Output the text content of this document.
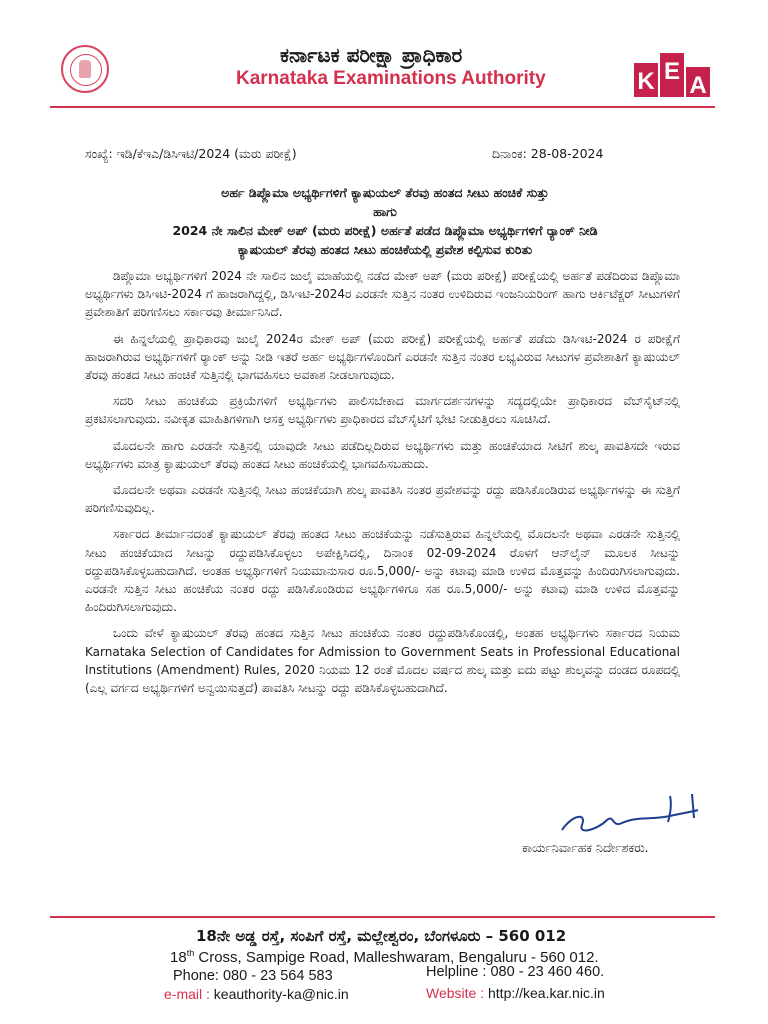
ಕರ್ನಾಟಕ ಪರೀಕ್ಷಾ ಪ್ರಾಧಿಕಾರ
Karnataka Examinations Authority	K E
A
ಸಂಖ್ಯೆ: ಇಡಿ/ಕೆಇಎ/ಡಿಸಿಇಟಿ/2024 (ಮರು ಪರೀಕ್ಷೆ)	ದಿನಾಂಕ: 28-08-2024
ಅರ್ಹ ಡಿಪ್ಲೊಮಾ ಅಭ್ಯರ್ಥಿಗಳಿಗೆ ಕ್ಯಾಷುಯಲ್ ತೆರವು ಹಂತದ ಸೀಟು ಹಂಚಿಕೆ ಸುತ್ತು
ಹಾಗು
2024 ನೇ ಸಾಲಿನ ಮೇಕ್ ಅಪ್ (ಮರು ಪರೀಕ್ಷೆ) ಅರ್ಹತೆ ಪಡೆದ ಡಿಪ್ಲೊಮಾ ಅಭ್ಯರ್ಥಿಗಳಿಗೆ ರ್‍ಯಾಂಕ್ ನೀಡಿ
ಕ್ಯಾಷುಯಲ್ ತೆರವು ಹಂತದ ಸೀಟು ಹಂಚಿಕೆಯಲ್ಲಿ ಪ್ರವೇಶ ಕಲ್ಪಿಸುವ ಕುರಿತು

ಡಿಪ್ಲೊಮಾ ಅಭ್ಯರ್ಥಿಗಳಿಗೆ 2024 ನೇ ಸಾಲಿನ ಜುಲೈ ಮಾಹೆಯಲ್ಲಿ ನಡೆದ ಮೇಕ್ ಅಪ್ (ಮರು ಪರೀಕ್ಷೆ) ಪರೀಕ್ಷೆಯಲ್ಲಿ ಅರ್ಹತೆ ಪಡೆದಿರುವ ಡಿಪ್ಲೊಮಾ ಅಭ್ಯರ್ಥಿಗಳು ಡಿಸಿಇಟಿ-2024 ಗೆ ಹಾಜರಾಗಿದ್ದಲ್ಲಿ, ಡಿಸಿಇಟಿ-2024ರ ಎರಡನೇ ಸುತ್ತಿನ ನಂತರ ಉಳಿದಿರುವ ಇಂಜನಿಯರಿಂಗ್ ಹಾಗು ಆರ್ಕಿಟೆಕ್ಚರ್ ಸೀಟುಗಳಿಗೆ ಪ್ರವೇಶಾತಿಗೆ ಪರಿಗಣಿಸಲು ಸರ್ಕಾರವು ತೀರ್ಮಾನಿಸಿದೆ.

ಈ ಹಿನ್ನಲೆಯಲ್ಲಿ ಪ್ರಾಧಿಕಾರವು ಜುಲೈ 2024ರ ಮೇಕ್ ಅಪ್ (ಮರು ಪರೀಕ್ಷೆ) ಪರೀಕ್ಷೆಯಲ್ಲಿ ಅರ್ಹತೆ ಪಡೆದು ಡಿಸಿಇಟಿ-2024 ರ ಪರೀಕ್ಷೆಗೆ ಹಾಜರಾಗಿರುವ ಅಭ್ಯರ್ಥಿಗಳಿಗೆ ರ್‍ಯಾಂಕ್ ಅನ್ನು ನೀಡಿ ಇತರೆ ಅರ್ಹ ಅಭ್ಯರ್ಥಿಗಳೊಂದಿಗೆ ಎರಡನೇ ಸುತ್ತಿನ ನಂತರ ಲಭ್ಯವಿರುವ ಸೀಟುಗಳ ಪ್ರವೇಶಾತಿಗೆ ಕ್ಯಾಷುಯಲ್ ತೆರವು ಹಂತದ ಸೀಟು ಹಂಚಿಕೆ ಸುತ್ತಿನಲ್ಲಿ ಭಾಗವಹಿಸಲು ಅವಕಾಶ ನೀಡಲಾಗುವುದು.

ಸದರಿ ಸೀಟು ಹಂಚಿಕೆಯ ಪ್ರಕ್ರಿಯೆಗಳಿಗೆ ಅಭ್ಯರ್ಥಿಗಳು ಪಾಲಿಸಬೇಕಾದ ಮಾರ್ಗದರ್ಶನಗಳನ್ನು ಸದ್ಯದಲ್ಲಿಯೇ ಪ್ರಾಧಿಕಾರದ ವೆಬ್‌ಸೈಟ್‌ನಲ್ಲಿ ಪ್ರಕಟಿಸಲಾಗುವುದು. ನವೀಕೃತ ಮಾಹಿತಿಗಳಿಗಾಗಿ ಆಸಕ್ತ ಅಭ್ಯರ್ಥಿಗಳು ಪ್ರಾಧಿಕಾರದ ವೆಬ್‌ಸೈಟಿಗೆ ಭೇಟಿ ನೀಡುತ್ತಿರಲು ಸೂಚಿಸಿದೆ.

ಮೊದಲನೇ ಹಾಗು ಎರಡನೇ ಸುತ್ತಿನಲ್ಲಿ ಯಾವುದೇ ಸೀಟು ಪಡೆದಿಲ್ಲದಿರುವ ಅಭ್ಯರ್ಥಿಗಳು ಮತ್ತು ಹಂಚಿಕೆಯಾದ ಸೀಟಿಗೆ ಶುಲ್ಕ ಪಾವತಿಸದೇ ಇರುವ ಅಭ್ಯರ್ಥಿಗಳು ಮಾತ್ರ ಕ್ಯಾಷುಯಲ್ ತೆರವು ಹಂತದ ಸೀಟು ಹಂಚಿಕೆಯಲ್ಲಿ ಭಾಗವಹಿಸಬಹುದು.

ಮೊದಲನೇ ಅಥವಾ ಎರಡನೇ ಸುತ್ತಿನಲ್ಲಿ ಸೀಟು ಹಂಚಿಕೆಯಾಗಿ ಶುಲ್ಕ ಪಾವತಿಸಿ ನಂತರ ಪ್ರವೇಶವನ್ನು ರದ್ದು ಪಡಿಸಿಕೊಂಡಿರುವ ಅಭ್ಯರ್ಥಿಗಳನ್ನು ಈ ಸುತ್ತಿಗೆ ಪರಿಗಣಿಸುವುದಿಲ್ಲ.

ಸರ್ಕಾರದ ತೀರ್ಮಾನದಂತೆ ಕ್ಯಾಷುಯಲ್ ತೆರವು ಹಂತದ ಸೀಟು ಹಂಚಿಕೆಯನ್ನು ನಡೆಸುತ್ತಿರುವ ಹಿನ್ನಲೆಯಲ್ಲಿ ಮೊದಲನೇ ಅಥವಾ ಎರಡನೇ ಸುತ್ತಿನಲ್ಲಿ ಸೀಟು ಹಂಚಿಕೆಯಾದ ಸೀಟನ್ನು ರದ್ದುಪಡಿಸಿಕೊಳ್ಳಲು ಅಪೇಕ್ಷಿಸಿದಲ್ಲಿ, ದಿನಾಂಕ 02-09-2024 ರೊಳಗೆ ಆನ್‌ಲೈನ್ ಮೂಲಕ ಸೀಟನ್ನು ರದ್ದುಪಡಿಸಿಕೊಳ್ಳಬಹುದಾಗಿದೆ. ಅಂತಹ ಅಭ್ಯರ್ಥಿಗಳಿಗೆ ನಿಯಮಾನುಸಾರ ರೂ.5,000/- ಅನ್ನು ಕಟಾವು ಮಾಡಿ ಉಳಿದ ಮೊತ್ತವನ್ನು ಹಿಂದಿರುಗಿಸಲಾಗುವುದು. ಎರಡನೇ ಸುತ್ತಿನ ಸೀಟು ಹಂಚಿಕೆಯ ನಂತರ ರದ್ದು ಪಡಿಸಿಕೊಂಡಿರುವ ಅಭ್ಯರ್ಥಿಗಳಿಗೂ ಸಹ ರೂ.5,000/- ಅನ್ನು ಕಟಾವು ಮಾಡಿ ಉಳಿದ ಮೊತ್ತವನ್ನು ಹಿಂದಿರುಗಿಸಲಾಗುವುದು.

ಒಂದು ವೇಳೆ ಕ್ಯಾಷುಯಲ್ ತೆರವು ಹಂತದ ಸುತ್ತಿನ ಸೀಟು ಹಂಚಿಕೆಯ ನಂತರ ರದ್ದುಪಡಿಸಿಕೊಂಡಲ್ಲಿ, ಅಂತಹ ಅಭ್ಯರ್ಥಿಗಳು ಸರ್ಕಾರದ ನಿಯಮ Karnataka Selection of Candidates for Admission to Government Seats in Professional Educational Institutions (Amendment) Rules, 2020 ನಿಯಮ 12 ರಂತೆ ಮೊದಲ ವರ್ಷದ ಶುಲ್ಕ ಮತ್ತು ಐದು ಪಟ್ಟು ಶುಲ್ಕವನ್ನು ದಂಡದ ರೂಪದಲ್ಲಿ (ಎಲ್ಲ ವರ್ಗದ ಅಭ್ಯರ್ಥಿಗಳಿಗೆ ಅನ್ವಯಿಸುತ್ತದೆ) ಪಾವತಿಸಿ ಸೀಟನ್ನು ರದ್ದು ಪಡಿಸಿಕೊಳ್ಳಬಹುದಾಗಿದೆ.

ಕಾರ್ಯನಿರ್ವಾಹಕ ನಿರ್ದೇಶಕರು.
18ನೇ ಅಡ್ಡ ರಸ್ತೆ, ಸಂಪಿಗೆ ರಸ್ತೆ, ಮಲ್ಲೇಶ್ವರಂ, ಬೆಂಗಳೂರು – 560 012
18th Cross, Sampige Road, Malleshwaram, Bengaluru - 560 012.
Phone: 080 - 23 564 583	Helpline : 080 - 23 460 460.
e-mail : keauthority-ka@nic.in	Website : http://kea.kar.nic.in
